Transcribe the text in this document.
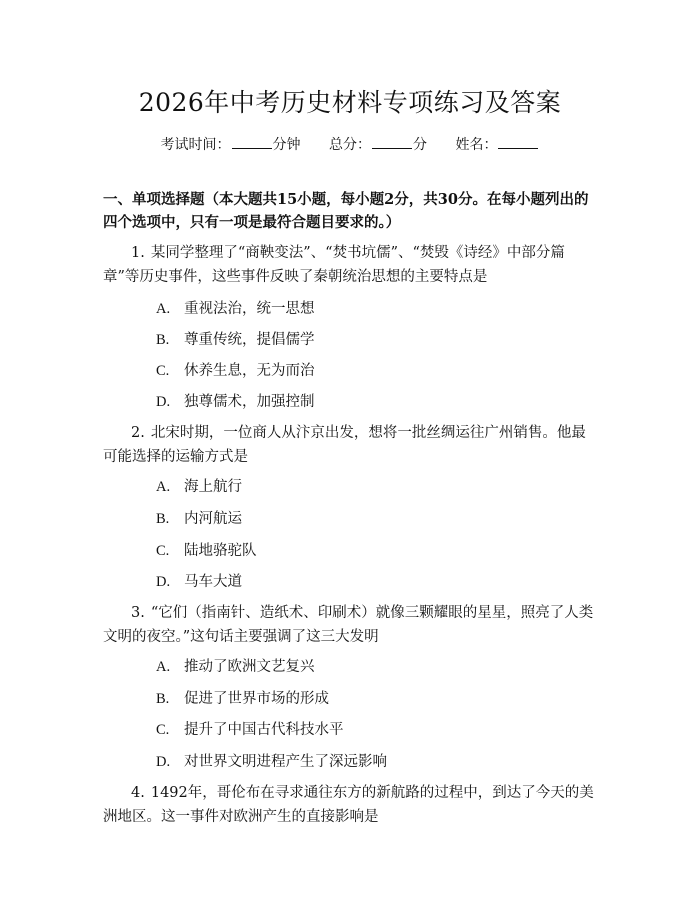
2026年中考历史材料专项练习及答案
考试时间：	分钟 总分：	分 姓名：
一、单项选择题（本大题共15小题，每小题2分，共30分。在每小题列出的四个选项中，只有一项是最符合题目要求的。）
1. 某同学整理了“商鞅变法”、“焚书坑儒”、“焚毁《诗经》中部分篇章”等历史事件，这些事件反映了秦朝统治思想的主要特点是
A. 重视法治，统一思想
B. 尊重传统，提倡儒学
C. 休养生息，无为而治
D. 独尊儒术，加强控制
2. 北宋时期，一位商人从汴京出发，想将一批丝绸运往广州销售。他最可能选择的运输方式是
A. 海上航行
B. 内河航运
C. 陆地骆驼队
D. 马车大道
3. “它们（指南针、造纸术、印刷术）就像三颗耀眼的星星，照亮了人类文明的夜空。”这句话主要强调了这三大发明
A. 推动了欧洲文艺复兴
B. 促进了世界市场的形成
C. 提升了中国古代科技水平
D. 对世界文明进程产生了深远影响
4. 1492年，哥伦布在寻求通往东方的新航路的过程中，到达了今天的美洲地区。这一事件对欧洲产生的直接影响是
